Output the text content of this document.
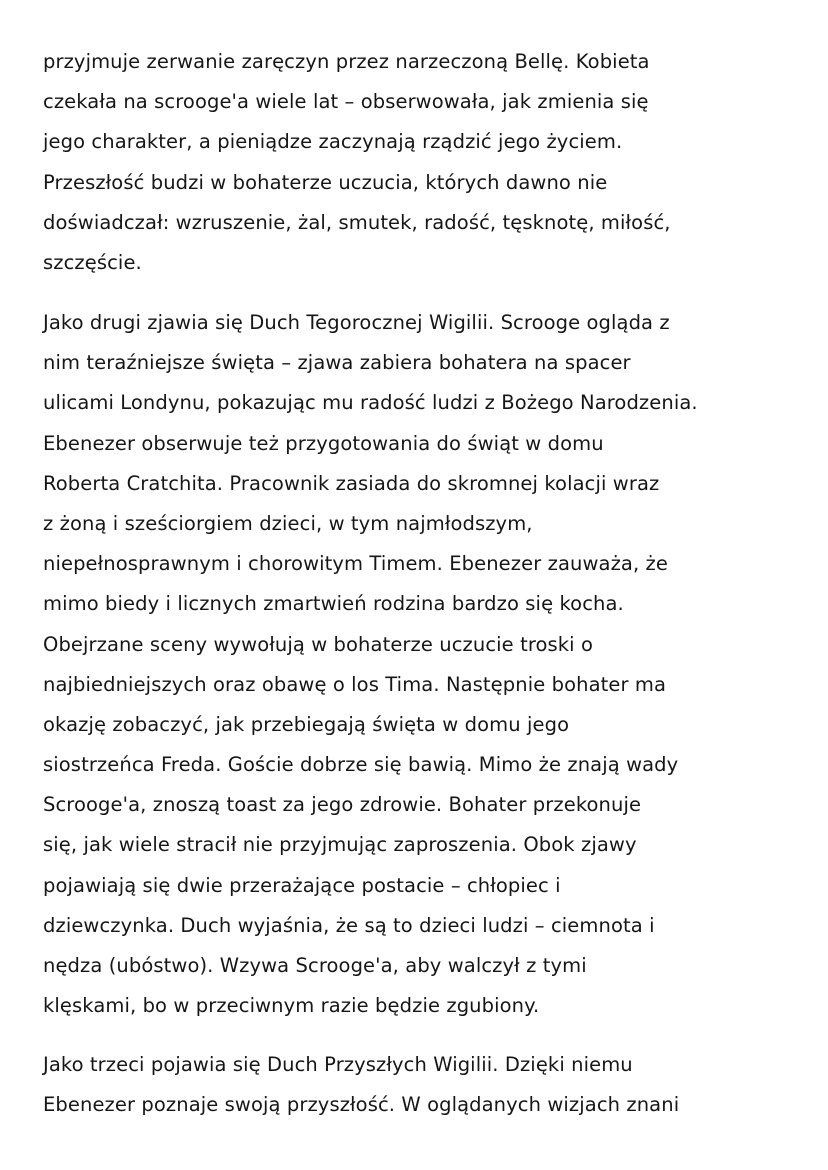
przyjmuje zerwanie zaręczyn przez narzeczoną Bellę. Kobieta
czekała na scrooge'a wiele lat – obserwowała, jak zmienia się
jego charakter, a pieniądze zaczynają rządzić jego życiem.
Przeszłość budzi w bohaterze uczucia, których dawno nie
doświadczał: wzruszenie, żal, smutek, radość, tęsknotę, miłość,
szczęście.

Jako drugi zjawia się Duch Tegorocznej Wigilii. Scrooge ogląda z
nim teraźniejsze święta – zjawa zabiera bohatera na spacer
ulicami Londynu, pokazując mu radość ludzi z Bożego Narodzenia.
Ebenezer obserwuje też przygotowania do świąt w domu
Roberta Cratchita. Pracownik zasiada do skromnej kolacji wraz
z żoną i sześciorgiem dzieci, w tym najmłodszym,
niepełnosprawnym i chorowitym Timem. Ebenezer zauważa, że
mimo biedy i licznych zmartwień rodzina bardzo się kocha.
Obejrzane sceny wywołują w bohaterze uczucie troski o
najbiedniejszych oraz obawę o los Tima. Następnie bohater ma
okazję zobaczyć, jak przebiegają święta w domu jego
siostrzeńca Freda. Goście dobrze się bawią. Mimo że znają wady
Scrooge'a, znoszą toast za jego zdrowie. Bohater przekonuje
się, jak wiele stracił nie przyjmując zaproszenia. Obok zjawy
pojawiają się dwie przerażające postacie – chłopiec i
dziewczynka. Duch wyjaśnia, że są to dzieci ludzi – ciemnota i
nędza (ubóstwo). Wzywa Scrooge'a, aby walczył z tymi
klęskami, bo w przeciwnym razie będzie zgubiony.

Jako trzeci pojawia się Duch Przyszłych Wigilii. Dzięki niemu
Ebenezer poznaje swoją przyszłość. W oglądanych wizjach znani
